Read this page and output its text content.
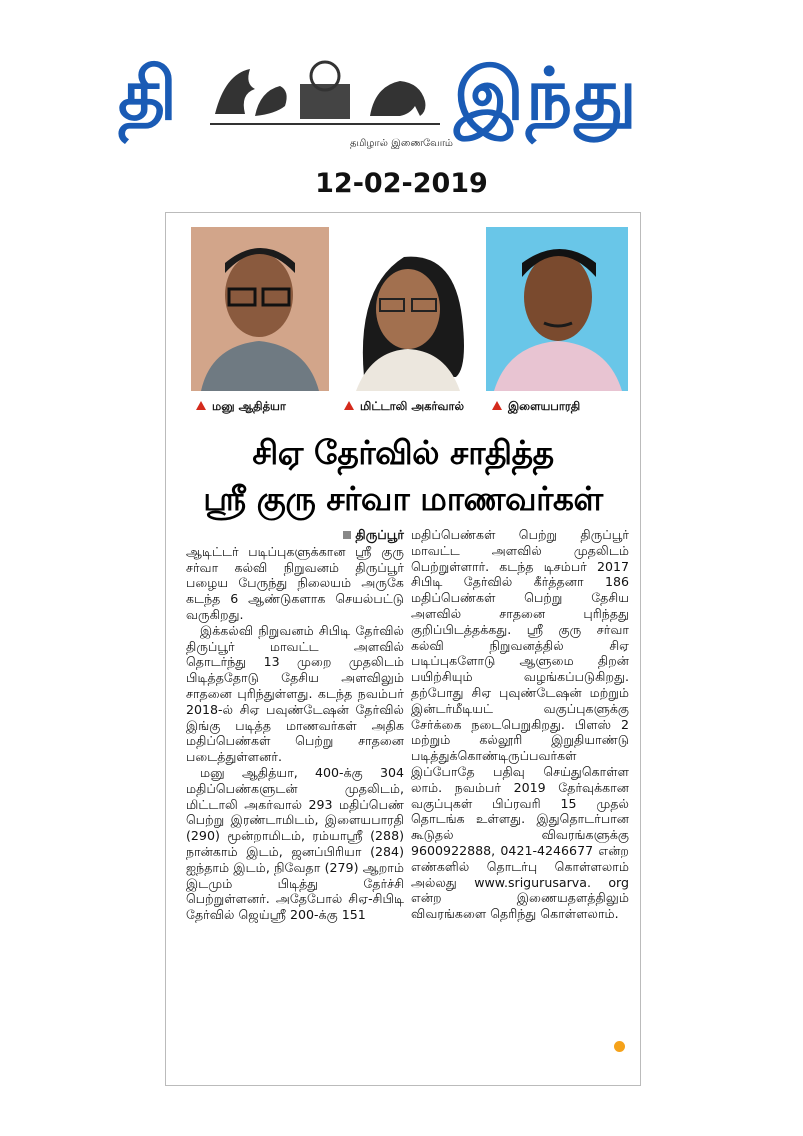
தி	இந்து
தமிழால் இணைவோம்
12-02-2019
மனு ஆதித்யா	மிட்டாலி அகர்வால்	இளையபாரதி
சிஏ தேர்வில் சாதித்த
ஸ்ரீ குரு சர்வா மாணவர்கள்
திருப்பூர்

ஆடிட்டர் படிப்புகளுக்கான ஸ்ரீ குரு சர்வா கல்வி நிறுவனம் திருப்பூர் பழைய பேருந்து நிலையம் அருகே கடந்த 6 ஆண்டுகளாக செயல்பட்டு வருகிறது.

இக்கல்வி நிறுவனம் சிபிடி தேர்வில் திருப்பூர் மாவட்ட அளவில் தொடர்ந்து 13 முறை முதலிடம் பிடித்ததோடு தேசிய அளவிலும் சாதனை புரிந்துள்ளது. கடந்த நவம்பர் 2018-ல் சிஏ பவுண்டேஷன் தேர்வில் இங்கு படித்த மாணவர்கள் அதிக மதிப்பெண்கள் பெற்று சாதனை படைத்துள்ளனர்.

மனு ஆதித்யா, 400-க்கு 304 மதிப்பெண்களுடன் முதலிடம், மிட்டாலி அகர்வால் 293 மதிப்பெண் பெற்று இரண்டாமிடம், இளையபாரதி (290) மூன்றாமிடம், ரம்யாஸ்ரீ (288) நான்காம் இடம், ஜனப்பிரியா (284) ஐந்தாம் இடம், நிவேதா (279) ஆறாம் இடமும் பிடித்து தேர்ச்சி பெற்றுள்ளனர். அதேபோல் சிஏ-சிபிடி தேர்வில் ஜெய்ஸ்ரீ 200-க்கு 151

மதிப்பெண்கள் பெற்று திருப்பூர் மாவட்ட அளவில் முதலிடம் பெற்றுள்ளார். கடந்த டிசம்பர் 2017 சிபிடி தேர்வில் கீர்த்தனா 186 மதிப்பெண்கள் பெற்று தேசிய அளவில் சாதனை புரிந்தது குறிப்பிடத்தக்கது. ஸ்ரீ குரு சர்வா கல்வி நிறுவனத்தில் சிஏ படிப்புகளோடு ஆளுமை திறன் பயிற்சியும் வழங்கப்படுகிறது. தற்போது சிஏ புவுண்டேஷன் மற்றும் இன்டர்மீடியட் வகுப்புகளுக்கு சேர்க்கை நடைபெறுகிறது. பிளஸ் 2 மற்றும் கல்லூரி இறுதியாண்டு படித்துக்கொண்டிருப்பவர்கள் இப்போதே பதிவு செய்துகொள்ள லாம். நவம்பர் 2019 தேர்வுக்கான வகுப்புகள் பிப்ரவரி 15 முதல் தொடங்க உள்ளது. இதுதொடர்பான கூடுதல் விவரங்களுக்கு 9600922888, 0421-4246677 என்ற எண்களில் தொடர்பு கொள்ளலாம் அல்லது www.srigurusarva. org என்ற இணையதளத்திலும் விவரங்களை தெரிந்து கொள்ளலாம்.
